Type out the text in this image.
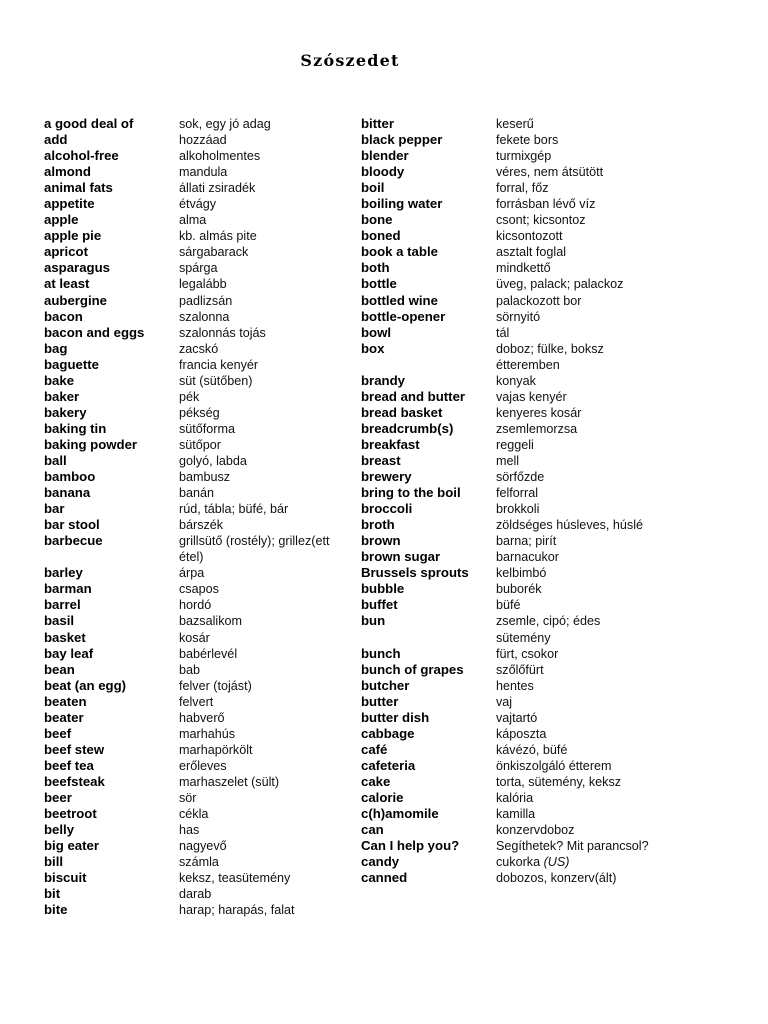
Szószedet
a good deal of	sok, egy jó adag
add	hozzáad
alcohol-free	alkoholmentes
almond	mandula
animal fats	állati zsiradék
appetite	étvágy
apple	alma
apple pie	kb. almás pite
apricot	sárgabarack
asparagus	spárga
at least	legalább
aubergine	padlizsán
bacon	szalonna
bacon and eggs	szalonnás tojás
bag	zacskó
baguette	francia kenyér
bake	süt (sütőben)
baker	pék
bakery	pékség
baking tin	sütőforma
baking powder	sütőpor
ball	golyó, labda
bamboo	bambusz
banana	banán
bar	rúd, tábla; büfé, bár
bar stool	bárszék
barbecue	grillsütő (rostély); grillez(ett étel)
barley	árpa
barman	csapos
barrel	hordó
basil	bazsalikom
basket	kosár
bay leaf	babérlevél
bean	bab
beat (an egg)	felver (tojást)
beaten	felvert
beater	habverő
beef	marhahús
beef stew	marhapörkölt
beef tea	erőleves
beefsteak	marhaszelet (sült)
beer	sör
beetroot	cékla
belly	has
big eater	nagyevő
bill	számla
biscuit	keksz, teasütemény
bit	darab
bite	harap; harapás, falat
bitter	keserű
black pepper	fekete bors
blender	turmixgép
bloody	véres, nem átsütött
boil	forral, főz
boiling water	forrásban lévő víz
bone	csont; kicsontoz
boned	kicsontozott
book a table	asztalt foglal
both	mindkettő
bottle	üveg, palack; palackoz
bottled wine	palackozott bor
bottle-opener	sörnyitó
bowl	tál
box	doboz; fülke, boksz étteremben
brandy	konyak
bread and butter	vajas kenyér
bread basket	kenyeres kosár
breadcrumb(s)	zsemlemorzsa
breakfast	reggeli
breast	mell
brewery	sörfőzde
bring to the boil	felforral
broccoli	brokkoli
broth	zöldséges húsleves, húslé
brown	barna; pirít
brown sugar	barnacukor
Brussels sprouts	kelbimbó
bubble	buborék
buffet	büfé
bun	zsemle, cipó; édes sütemény
bunch	fürt, csokor
bunch of grapes	szőlőfürt
butcher	hentes
butter	vaj
butter dish	vajtartó
cabbage	káposzta
café	kávézó, büfé
cafeteria	önkiszolgáló étterem
cake	torta, sütemény, keksz
calorie	kalória
c(h)amomile	kamilla
can	konzervdoboz
Can I help you?	Segíthetek? Mit parancsol?
candy	cukorka (US)
canned	dobozos, konzerv(ált)
